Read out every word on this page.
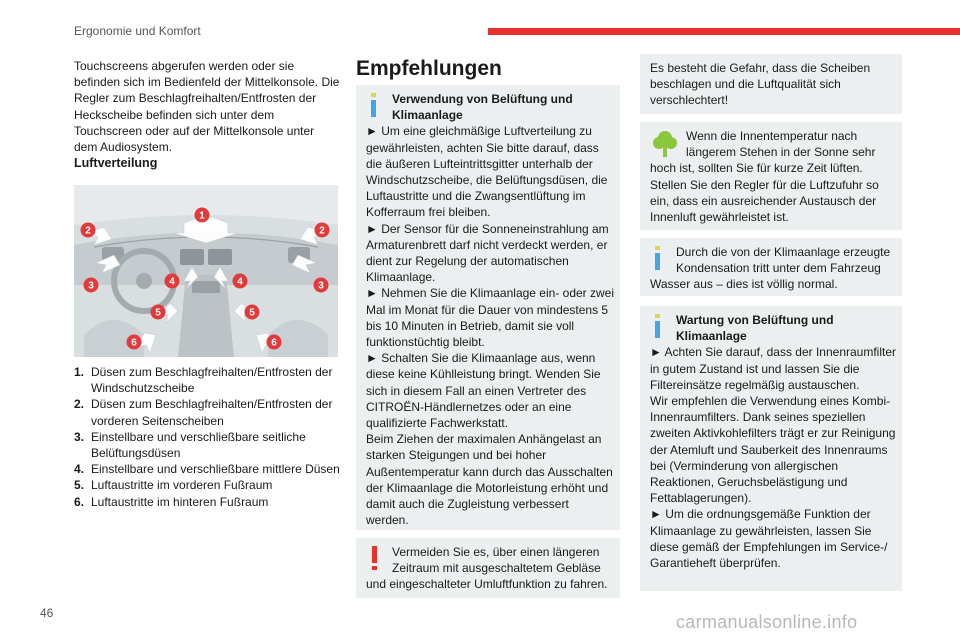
Ergonomie und Komfort

Touchscreens abgerufen werden oder sie befinden sich im Bedienfeld der Mittelkonsole. Die Regler zum Beschlagfreihalten/Entfrosten der Heckscheibe befinden sich unter dem Touchscreen oder auf der Mittelkonsole unter dem Audiosystem.

Luftverteilung

1
2	2
3	3
4	4
5	5
6	6
1. Düsen zum Beschlagfreihalten/Entfrosten der Windschutzscheibe
2. Düsen zum Beschlagfreihalten/Entfrosten der vorderen Seitenscheiben
3. Einstellbare und verschließbare seitliche Belüftungsdüsen
4. Einstellbare und verschließbare mittlere Düsen
5. Luftaustritte im vorderen Fußraum
6. Luftaustritte im hinteren Fußraum
Empfehlungen

Verwendung von Belüftung und Klimaanlage

► Um eine gleichmäßige Luftverteilung zu gewährleisten, achten Sie bitte darauf, dass die äußeren Lufteintrittsgitter unterhalb der Windschutzscheibe, die Belüftungsdüsen, die Luftaustritte und die Zwangsentlüftung im Kofferraum frei bleiben.

► Der Sensor für die Sonneneinstrahlung am Armaturenbrett darf nicht verdeckt werden, er dient zur Regelung der automatischen Klimaanlage.

► Nehmen Sie die Klimaanlage ein- oder zwei Mal im Monat für die Dauer von mindestens 5 bis 10 Minuten in Betrieb, damit sie voll funktionstüchtig bleibt.

► Schalten Sie die Klimaanlage aus, wenn diese keine Kühlleistung bringt. Wenden Sie sich in diesem Fall an einen Vertreter des CITROËN-Händlernetzes oder an eine qualifizierte Fachwerkstatt.

Beim Ziehen der maximalen Anhängelast an starken Steigungen und bei hoher Außentemperatur kann durch das Ausschalten der Klimaanlage die Motorleistung erhöht und damit auch die Zugleistung verbessert werden.

Vermeiden Sie es, über einen längeren Zeitraum mit ausgeschaltetem Gebläse und eingeschalteter Umluftfunktion zu fahren.

Es besteht die Gefahr, dass die Scheiben beschlagen und die Luftqualität sich verschlechtert!

Wenn die Innentemperatur nach längerem Stehen in der Sonne sehr hoch ist, sollten Sie für kurze Zeit lüften. Stellen Sie den Regler für die Luftzufuhr so ein, dass ein ausreichender Austausch der Innenluft gewährleistet ist.

Durch die von der Klimaanlage erzeugte Kondensation tritt unter dem Fahrzeug Wasser aus – dies ist völlig normal.

Wartung von Belüftung und Klimaanlage

► Achten Sie darauf, dass der Innenraumfilter in gutem Zustand ist und lassen Sie die Filtereinsätze regelmäßig austauschen.

Wir empfehlen die Verwendung eines Kombi-Innenraumfilters. Dank seines speziellen zweiten Aktivkohlefilters trägt er zur Reinigung der Atemluft und Sauberkeit des Innenraums bei (Verminderung von allergischen Reaktionen, Geruchsbelästigung und Fettablagerungen).

► Um die ordnungsgemäße Funktion der Klimaanlage zu gewährleisten, lassen Sie diese gemäß der Empfehlungen im Service-/ Garantieheft überprüfen.

46	carmanualsonline.info
